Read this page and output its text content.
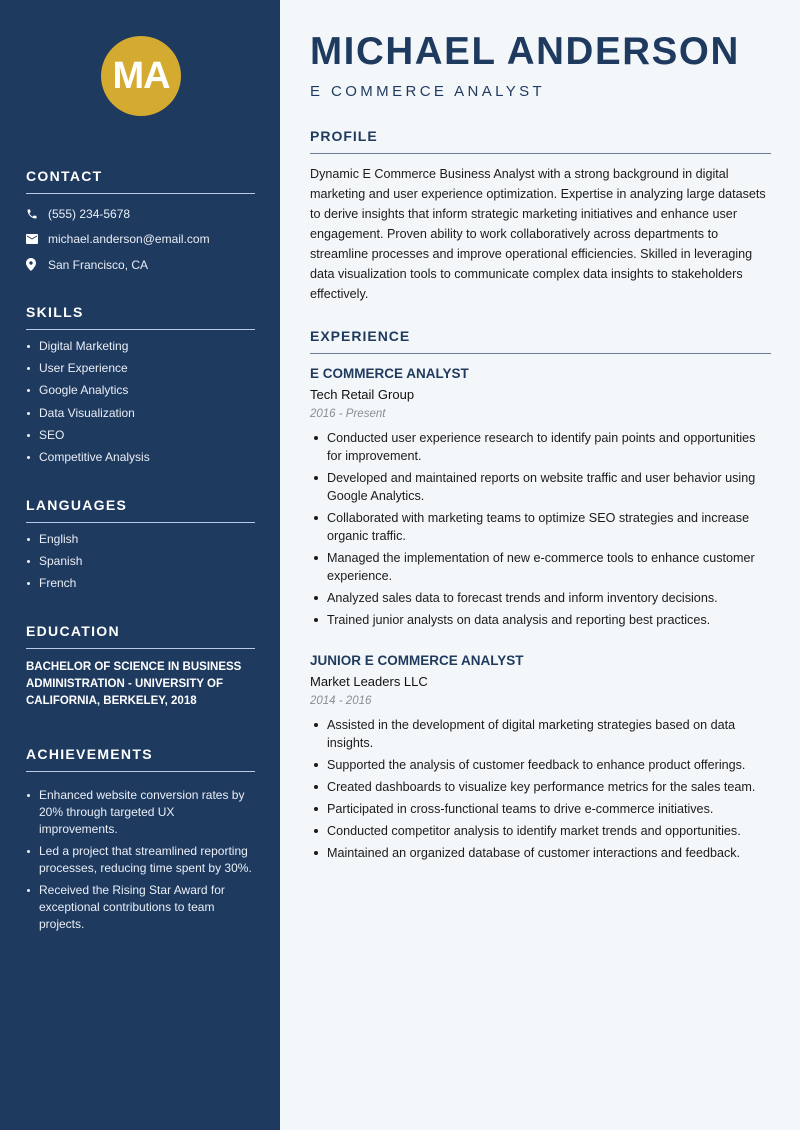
MA
CONTACT
(555) 234-5678
michael.anderson@email.com
San Francisco, CA
SKILLS
Digital Marketing
User Experience
Google Analytics
Data Visualization
SEO
Competitive Analysis
LANGUAGES
English
Spanish
French
EDUCATION
BACHELOR OF SCIENCE IN BUSINESS ADMINISTRATION - UNIVERSITY OF CALIFORNIA, BERKELEY, 2018
ACHIEVEMENTS
Enhanced website conversion rates by 20% through targeted UX improvements.
Led a project that streamlined reporting processes, reducing time spent by 30%.
Received the Rising Star Award for exceptional contributions to team projects.
MICHAEL ANDERSON
E COMMERCE ANALYST
PROFILE
Dynamic E Commerce Business Analyst with a strong background in digital marketing and user experience optimization. Expertise in analyzing large datasets to derive insights that inform strategic marketing initiatives and enhance user engagement. Proven ability to work collaboratively across departments to streamline processes and improve operational efficiencies. Skilled in leveraging data visualization tools to communicate complex data insights to stakeholders effectively.
EXPERIENCE
E COMMERCE ANALYST
Tech Retail Group
2016 - Present
Conducted user experience research to identify pain points and opportunities for improvement.
Developed and maintained reports on website traffic and user behavior using Google Analytics.
Collaborated with marketing teams to optimize SEO strategies and increase organic traffic.
Managed the implementation of new e-commerce tools to enhance customer experience.
Analyzed sales data to forecast trends and inform inventory decisions.
Trained junior analysts on data analysis and reporting best practices.
JUNIOR E COMMERCE ANALYST
Market Leaders LLC
2014 - 2016
Assisted in the development of digital marketing strategies based on data insights.
Supported the analysis of customer feedback to enhance product offerings.
Created dashboards to visualize key performance metrics for the sales team.
Participated in cross-functional teams to drive e-commerce initiatives.
Conducted competitor analysis to identify market trends and opportunities.
Maintained an organized database of customer interactions and feedback.
